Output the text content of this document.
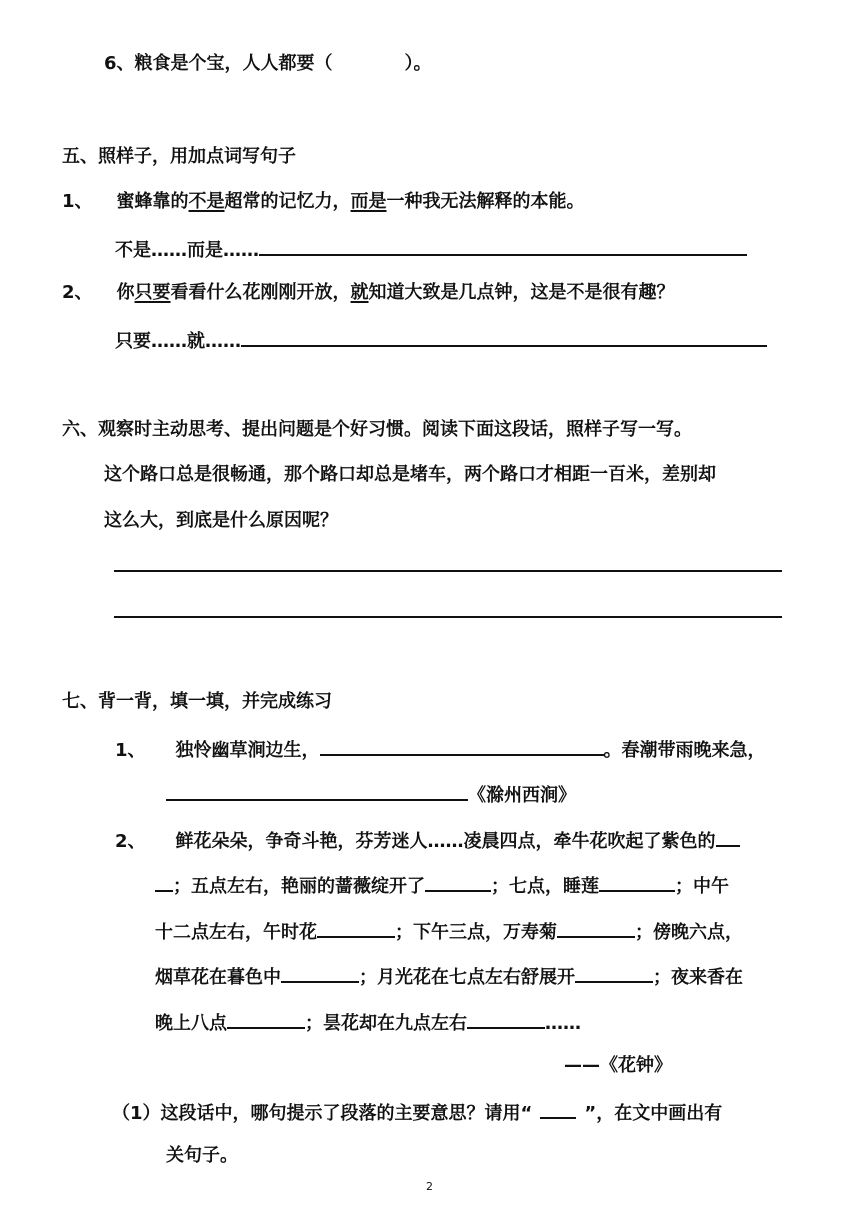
6、粮食是个宝，人人都要（	）。
五、照样子，用加点词写句子
1、 蜜蜂靠的不是超常的记忆力，而是一种我无法解释的本能。
不是……而是……
2、 你只要看看什么花刚刚开放，就知道大致是几点钟，这是不是很有趣？
只要……就……
六、观察时主动思考、提出问题是个好习惯。阅读下面这段话，照样子写一写。
这个路口总是很畅通，那个路口却总是堵车，两个路口才相距一百米，差别却
这么大，到底是什么原因呢？
七、背一背，填一填，并完成练习
1、 独怜幽草涧边生，	。春潮带雨晚来急，
《滁州西涧》
2、 鲜花朵朵，争奇斗艳，芬芳迷人……凌晨四点，牵牛花吹起了紫色的
；五点左右，艳丽的蔷薇绽开了	；七点，睡莲	；中午
十二点左右，午时花	；下午三点，万寿菊	；傍晚六点，
烟草花在暮色中	；月光花在七点左右舒展开	；夜来香在
晚上八点	；昙花却在九点左右	……
——《花钟》
（1）这段话中，哪句提示了段落的主要意思？请用“	”，在文中画出有
关句子。
2
